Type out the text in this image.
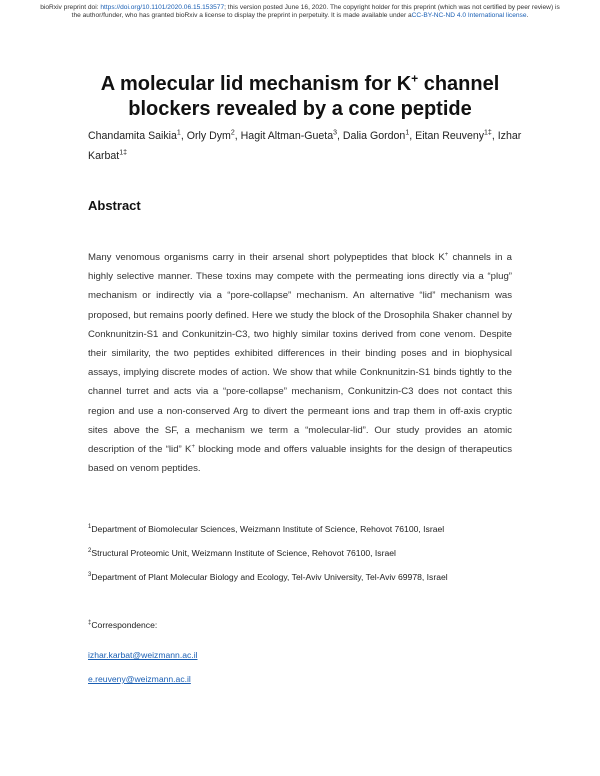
bioRxiv preprint doi: https://doi.org/10.1101/2020.06.15.153577; this version posted June 16, 2020. The copyright holder for this preprint (which was not certified by peer review) is the author/funder, who has granted bioRxiv a license to display the preprint in perpetuity. It is made available under aCC-BY-NC-ND 4.0 International license.
A molecular lid mechanism for K+ channel blockers revealed by a cone peptide
Chandamita Saikia$^1$, Orly Dym$^2$, Hagit Altman-Gueta$^3$, Dalia Gordon$^1$, Eitan Reuveny$^{1\ddagger}$, Izhar Karbat$^{1\ddagger}$
Abstract

Many venomous organisms carry in their arsenal short polypeptides that block K+ channels in a highly selective manner. These toxins may compete with the permeating ions directly via a “plug” mechanism or indirectly via a “pore-collapse” mechanism. An alternative “lid” mechanism was proposed, but remains poorly defined. Here we study the block of the Drosophila Shaker channel by Conknunitzin-S1 and Conkunitzin-C3, two highly similar toxins derived from cone venom. Despite their similarity, the two peptides exhibited differences in their binding poses and in biophysical assays, implying discrete modes of action. We show that while Conknunitzin-S1 binds tightly to the channel turret and acts via a “pore-collapse” mechanism, Conkunitzin-C3 does not contact this region and use a non-conserved Arg to divert the permeant ions and trap them in off-axis cryptic sites above the SF, a mechanism we term a “molecular-lid”. Our study provides an atomic description of the “lid” K+ blocking mode and offers valuable insights for the design of therapeutics based on venom peptides.

$^1$Department of Biomolecular Sciences, Weizmann Institute of Science, Rehovot 76100, Israel
$^2$Structural Proteomic Unit, Weizmann Institute of Science, Rehovot 76100, Israel
$^3$Department of Plant Molecular Biology and Ecology, Tel-Aviv University, Tel-Aviv 69978, Israel
‡Correspondence:
izhar.karbat@weizmann.ac.il
e.reuveny@weizmann.ac.il
